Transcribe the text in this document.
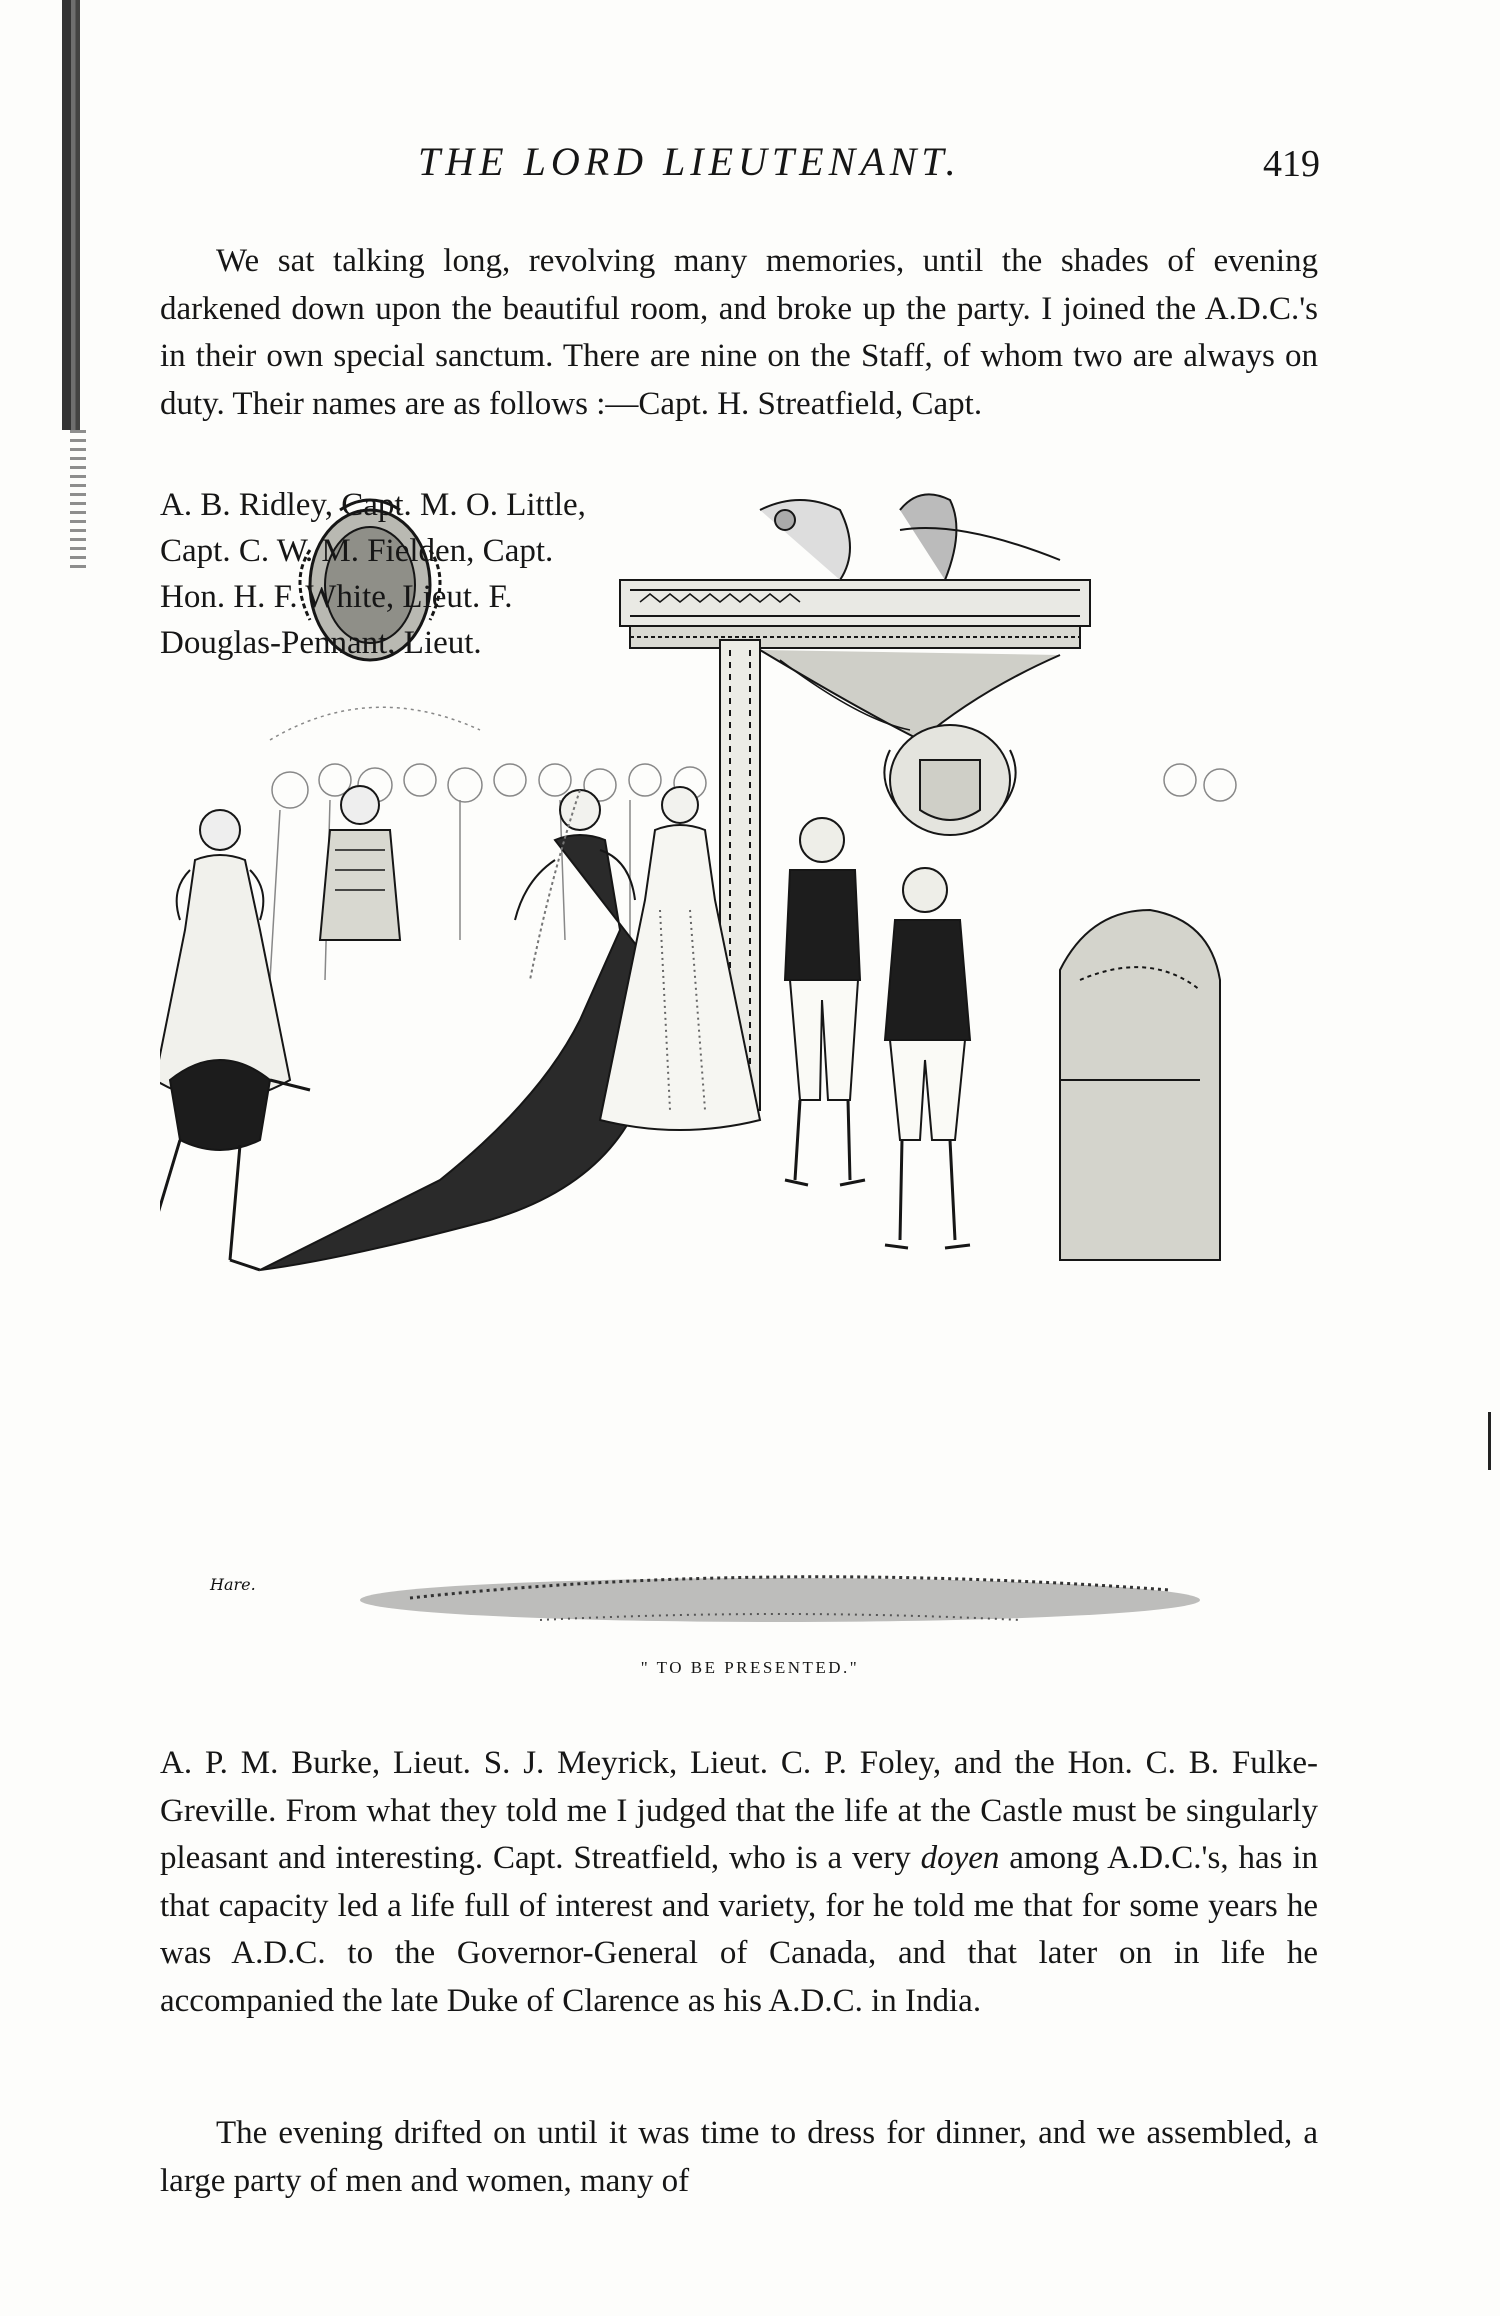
THE LORD LIEUTENANT.	419

We sat talking long, revolving many memories, until the shades of evening darkened down upon the beautiful room, and broke up the party. I joined the A.D.C.'s in their own special sanctum. There are nine on the Staff, of whom two are always on duty. Their names are as follows :—Capt. H. Streatfield, Capt.

Hare.

A. B. Ridley, Capt. M. O. Little,
Capt. C. W. M. Fielden, Capt.
Hon. H. F. White, Lieut. F.
Douglas-Pennant, Lieut.

" TO BE PRESENTED."

A. P. M. Burke, Lieut. S. J. Meyrick, Lieut. C. P. Foley, and the Hon. C. B. Fulke-Greville. From what they told me I judged that the life at the Castle must be singularly pleasant and interesting. Capt. Streatfield, who is a very doyen among A.D.C.'s, has in that capacity led a life full of interest and variety, for he told me that for some years he was A.D.C. to the Governor-General of Canada, and that later on in life he accompanied the late Duke of Clarence as his A.D.C. in India.

The evening drifted on until it was time to dress for dinner, and we assembled, a large party of men and women, many of
